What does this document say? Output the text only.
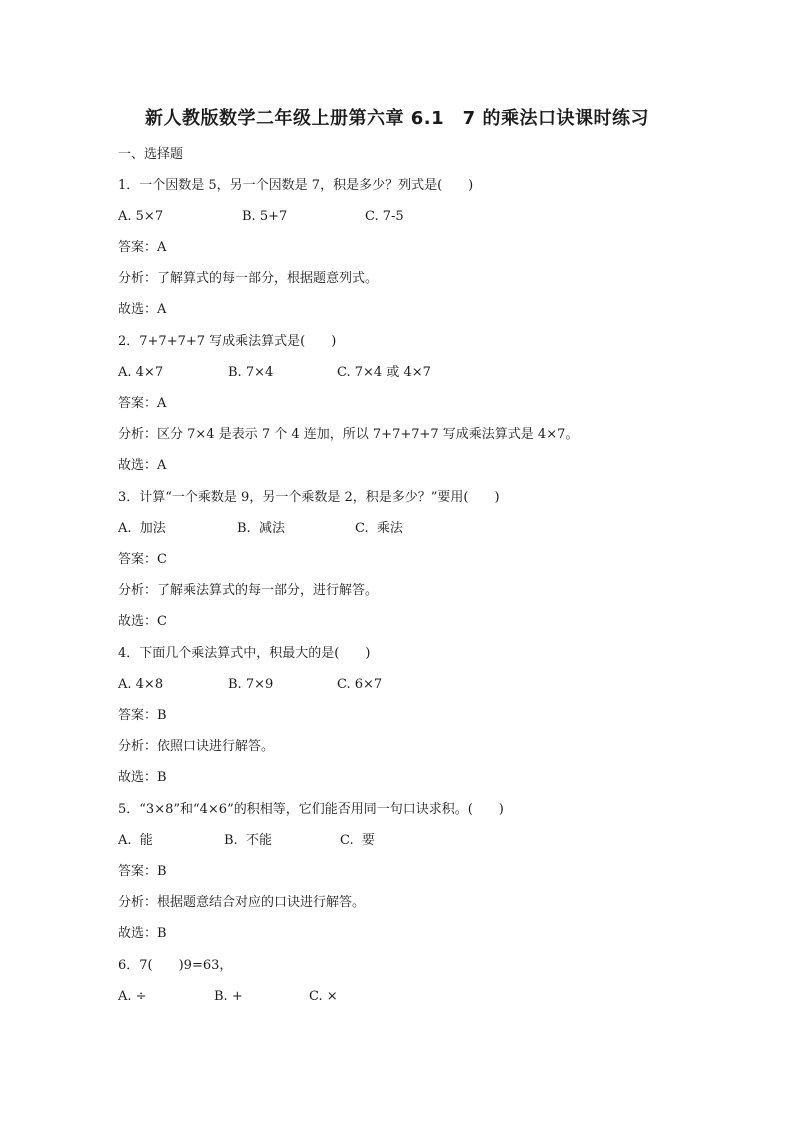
新人教版数学二年级上册第六章 6.1　7 的乘法口诀课时练习
一、选择题
1．一个因数是 5，另一个因数是 7，积是多少？列式是(　　)
A. 5×7	B. 5+7	C. 7-5
答案：A
分析：了解算式的每一部分，根据题意列式。
故选：A
2．7+7+7+7 写成乘法算式是(　　)
A. 4×7	B. 7×4	C. 7×4 或 4×7
答案：A
分析：区分 7×4 是表示 7 个 4 连加，所以 7+7+7+7 写成乘法算式是 4×7。
故选：A
3．计算“一个乘数是 9，另一个乘数是 2，积是多少？”要用(　　)
A.  加法	B.  减法	C.  乘法
答案：C
分析：了解乘法算式的每一部分，进行解答。
故选：C
4．下面几个乘法算式中，积最大的是(　　)
A. 4×8	B. 7×9	C. 6×7
答案：B
分析：依照口诀进行解答。
故选：B
5．“3×8”和“4×6”的积相等，它们能否用同一句口诀求积。(　　)
A.  能	B.  不能	C.  要
答案：B
分析：根据题意结合对应的口诀进行解答。
故选：B
6．7(　　)9=63，
A. ÷	B. +	C. ×
